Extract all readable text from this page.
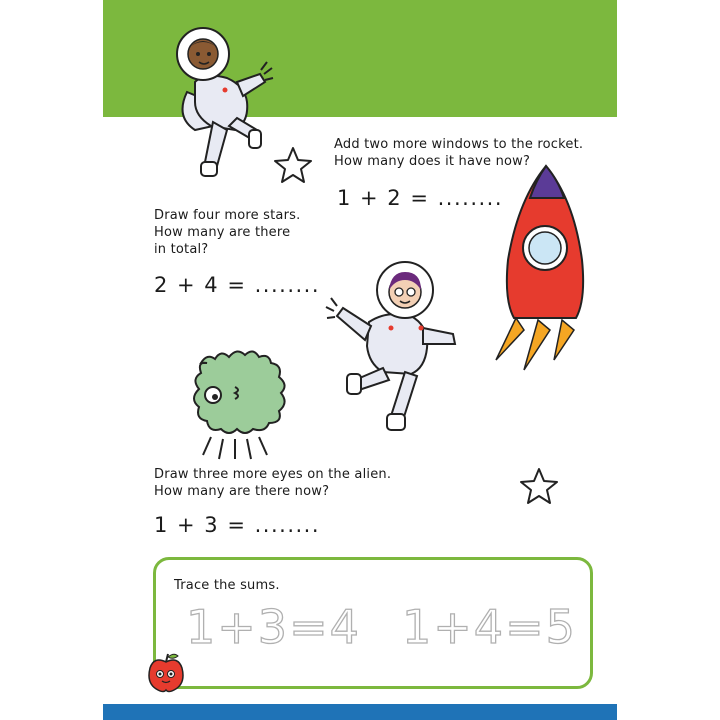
Add two more windows to the rocket.
How many does it have now?
1 + 2 = ........
Draw four more stars.
How many are there
in total?
2 + 4 = ........
Draw three more eyes on the alien.
How many are there now?
1 + 3 = ........
Trace the sums.
1+3=4 1+4=5
